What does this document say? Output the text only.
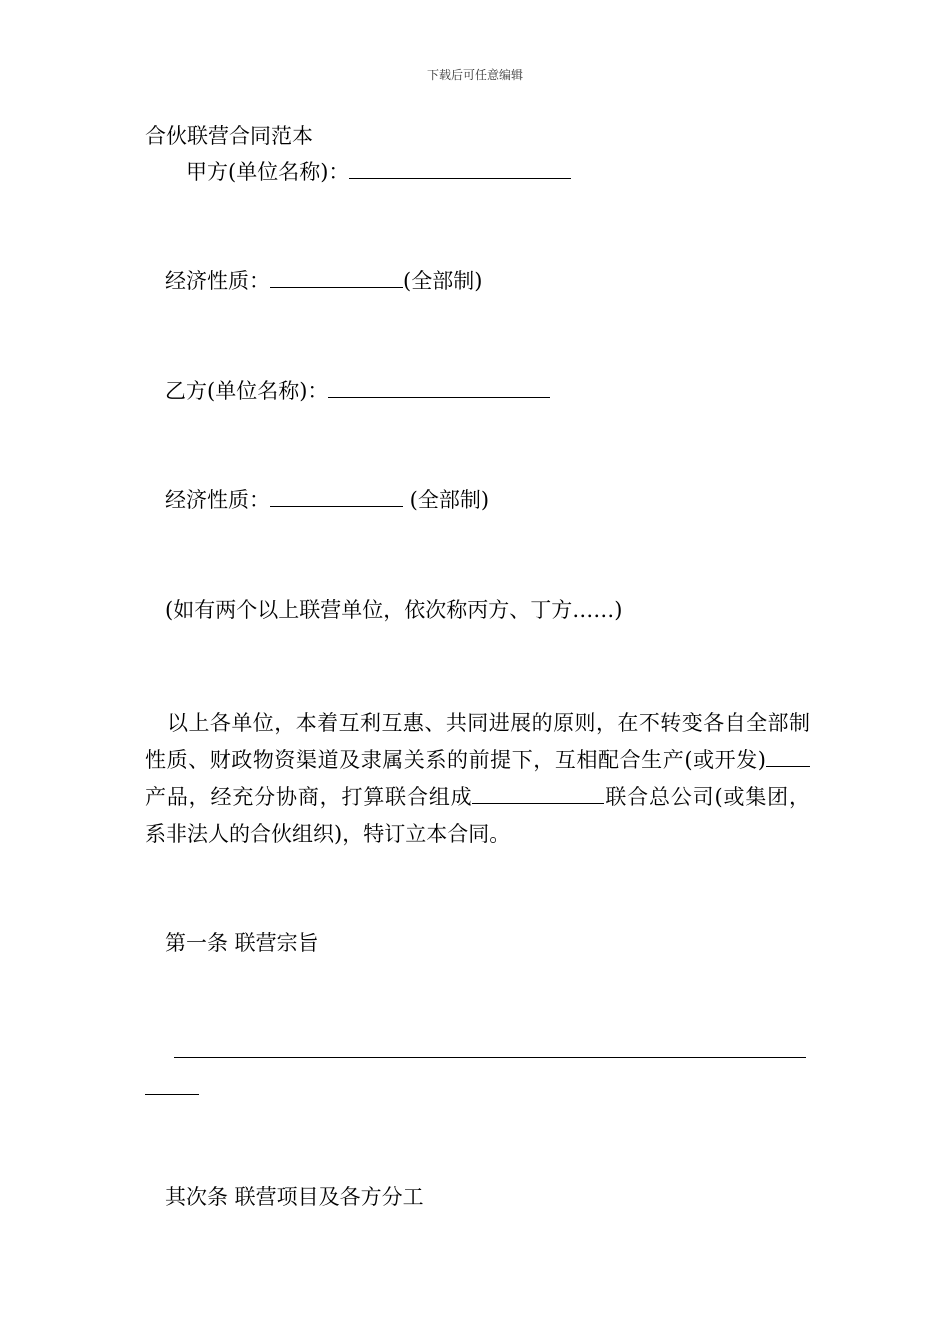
下载后可任意编辑
合伙联营合同范本
甲方(单位名称)：
经济性质：	(全部制)
乙方(单位名称)：
经济性质：	(全部制)
(如有两个以上联营单位，依次称丙方、丁方……)
以上各单位，本着互利互惠、共同进展的原则，在不转变各自全部制性质、财政物资渠道及隶属关系的前提下，互相配合生产(或开发)产品，经充分协商，打算联合组成	联合总公司(或集团，系非法人的合伙组织)，特订立本合同。
第一条 联营宗旨
其次条 联营项目及各方分工
